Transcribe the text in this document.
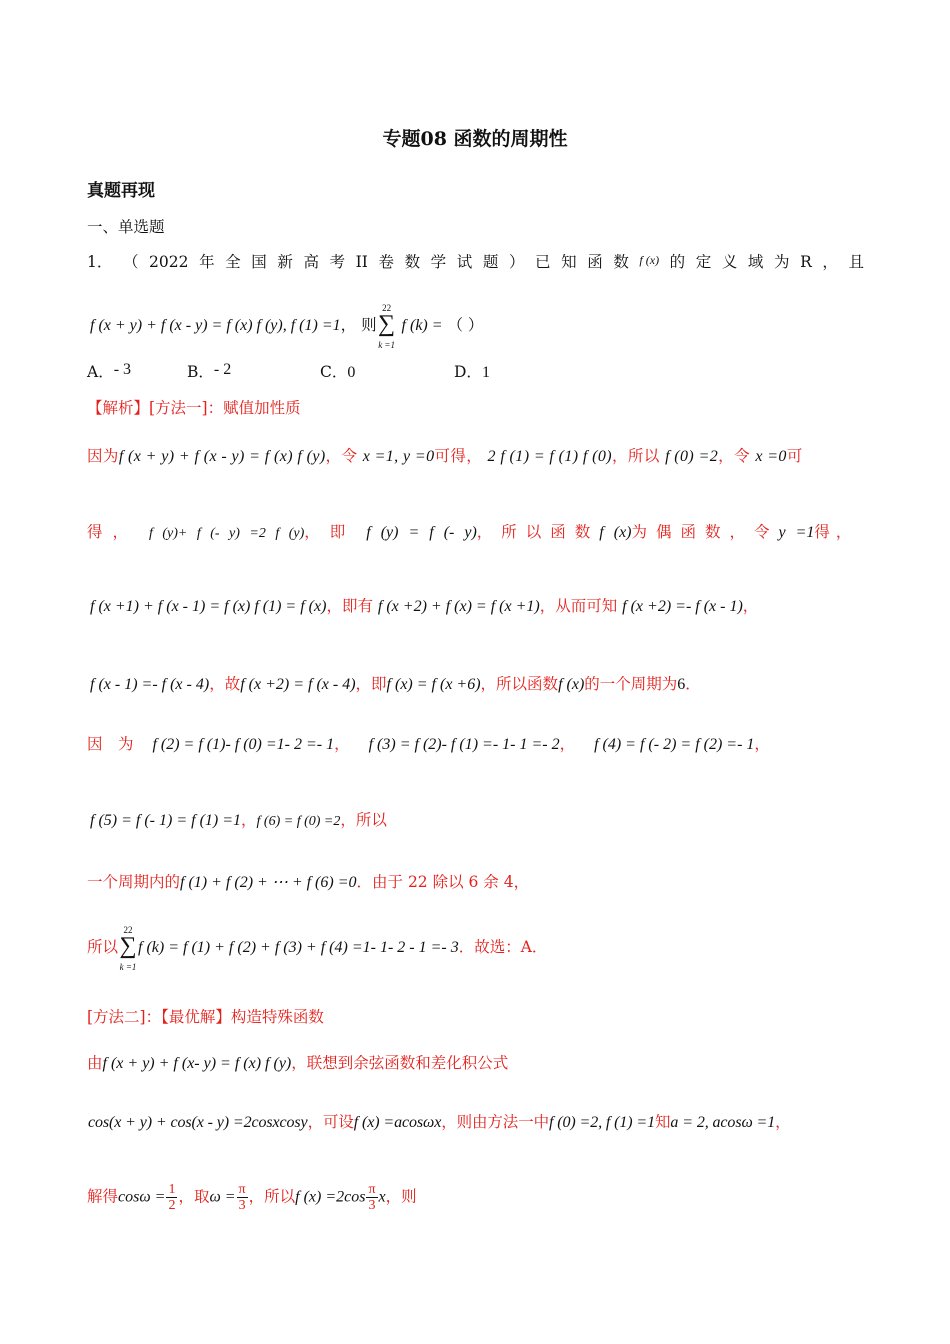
专题08 函数的周期性
真题再现
一、单选题
1． （ 2022 年 全 国 新 高 考 II 卷 数 学 试 题 ） 已 知 函 数 f (x) 的 定 义 域 为 R ， 且
f (x + y) + f (x - y) = f (x) f (y), f (1) =1， 则
22
∑
k =1
f (k) = （ ）
A．- 3	B．- 2	C．0	D．1
【解析】[方法一]：赋值加性质
因为f (x + y) + f (x - y) = f (x) f (y)，令 x =1, y =0可得， 2 f (1) = f (1) f (0)，所以 f (0) =2，令 x =0可
得， f (y)+ f (- y) =2 f (y)，即 f (y) = f (- y)，所以函数f (x)为偶函数，令y =1得，
f (x +1) + f (x - 1) = f (x) f (1) = f (x)，即有 f (x +2) + f (x) = f (x +1)，从而可知 f (x +2) =- f (x - 1)，
f (x - 1) =- f (x - 4)，故f (x +2) = f (x - 4)，即f (x) = f (x +6)，所以函数f (x)的一个周期为6．
因　为 f (2) = f (1)- f (0) =1- 2 =- 1， f (3) = f (2)- f (1) =- 1- 1 =- 2， f (4) = f (- 2) = f (2) =- 1，
f (5) = f (- 1) = f (1) =1，f (6) = f (0) =2，所以
一个周期内的f (1) + f (2) + ⋯ + f (6) =0．由于 22 除以 6 余 4，
所以
22
∑
k =1
f (k) = f (1) + f (2) + f (3) + f (4) =1- 1- 2 - 1 =- 3．故选：A．
[方法二]：【最优解】构造特殊函数
由f (x + y) + f (x- y) = f (x) f (y)，联想到余弦函数和差化积公式
cos(x + y) + cos(x - y) =2cosxcosy，可设f (x) =acosωx，则由方法一中f (0) =2, f (1) =1知a = 2, acosω =1，
解得$\cos\omega = \frac{1}{2}$ ，取$\omega = \frac{\pi}{3}$ ，所以f $(x) =2\cos \frac{\pi}{3}$ x，则
